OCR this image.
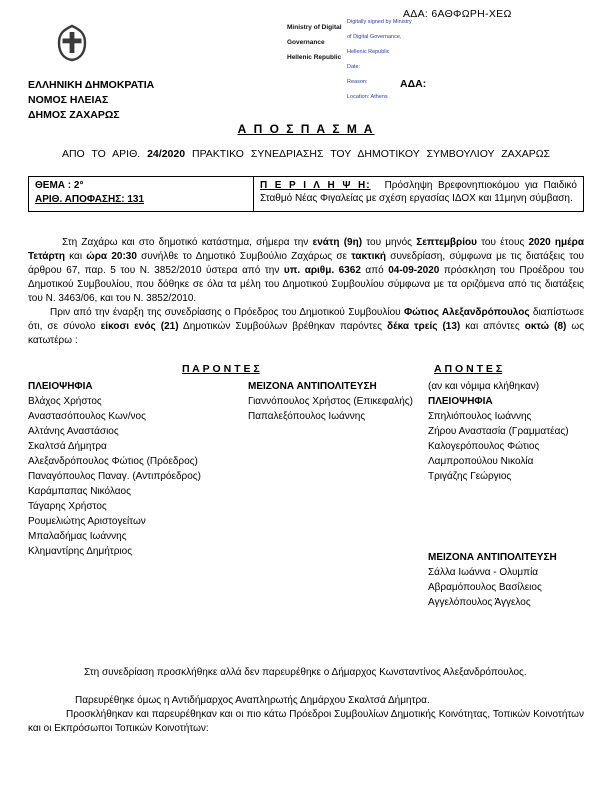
ΑΔΑ: 6ΑΘΦΩΡΗ-ΧΕΩ
Ministry of Digital
Governance
Hellenic Republic
Digitally signed by Ministry
of Digital Governance,
Hellenic Republic
Date:
Reason:
Location: Athens
ΕΛΛΗΝΙΚΗ ΔΗΜΟΚΡΑΤΙΑ
ΝΟΜΟΣ ΗΛΕΙΑΣ
ΔΗΜΟΣ ΖΑΧΑΡΩΣ
ΑΔΑ:
Α Π Ο Σ Π Α Σ Μ Α
ΑΠΟ ΤΟ ΑΡΙΘ. 24/2020 ΠΡΑΚΤΙΚΟ ΣΥΝΕΔΡΙΑΣΗΣ ΤΟΥ ΔΗΜΟΤΙΚΟΥ ΣΥΜΒΟΥΛΙΟΥ ΖΑΧΑΡΩΣ
ΘΕΜΑ : 2°
ΑΡΙΘ. ΑΠΟΦΑΣΗΣ: 131
	Π Ε Ρ Ι Λ Η Ψ Η: Πρόσληψη Βρεφονηπιοκόμου για Παιδικό Σταθμό Νέας Φιγαλείας με σχέση εργασίας ΙΔΟΧ και 11μηνη σύμβαση.

Στη Ζαχάρω και στο δημοτικό κατάστημα, σήμερα την ενάτη (9η) του μηνός Σεπτεμβρίου του έτους 2020 ημέρα Τετάρτη και ώρα 20:30 συνήλθε το Δημοτικό Συμβούλιο Ζαχάρως σε τακτική συνεδρίαση, σύμφωνα με τις διατάξεις του άρθρου 67, παρ. 5 του Ν. 3852/2010 ύστερα από την υπ. αριθμ. 6362 από 04-09-2020 πρόσκληση του Προέδρου του Δημοτικού Συμβουλίου, που δόθηκε σε όλα τα μέλη του Δημοτικού Συμβουλίου σύμφωνα με τα οριζόμενα από τις διατάξεις του Ν. 3463/06, και του Ν. 3852/2010.

Πριν από την έναρξη της συνεδρίασης ο Πρόεδρος του Δημοτικού Συμβουλίου Φώτιος Αλεξανδρόπουλος διαπίστωσε ότι, σε σύνολο είκοσι ενός (21) Δημοτικών Συμβούλων βρέθηκαν παρόντες δέκα τρείς (13) και απόντες οκτώ (8) ως κατωτέρω :

Π Α Ρ Ο Ν Τ Ε Σ	Α Π Ο Ν Τ Ε Σ
ΠΛΕΙΟΨΗΦΙΑ
Βλάχος Χρήστος
Αναστασόπουλος Κων/νος
Αλτάνης Αναστάσιος
Σκαλτσά Δήμητρα
Αλεξανδρόπουλος Φώτιος (Πρόεδρος)
Παναγόπουλος Παναγ. (Αντιπρόεδρος)
Καράμπαπας Νικόλαος
Τάγαρης Χρήστος
Ρουμελιώτης Αριστογείτων
Μπαλαδήμας Ιωάννης
Κλημαντίρης Δημήτριος
ΜΕΙΖΟΝΑ ΑΝΤΙΠΟΛΙΤΕΥΣΗ
Γιαννόπουλος Χρήστος (Επικεφαλής)
Παπαλεξόπουλος Ιωάννης
(αν και νόμιμα κλήθηκαν)
ΠΛΕΙΟΨΗΦΙΑ
Σπηλιόπουλος Ιωάννης
Ζήρου Αναστασία (Γραμματέας)
Καλογερόπουλος Φώτιος
Λαμπροπούλου Νικολία
Τριγάζης Γεώργιος
ΜΕΙΖΟΝΑ ΑΝΤΙΠΟΛΙΤΕΥΣΗ
Σάλλα Ιωάννα - Ολυμπία
Αβραμόπουλος Βασίλειος
Αγγελόπουλος Άγγελος

Στη συνεδρίαση προσκλήθηκε αλλά δεν παρευρέθηκε ο Δήμαρχος Κωνσταντίνος Αλεξανδρόπουλος.

Παρευρέθηκε όμως η Αντιδήμαρχος Αναπληρωτής Δημάρχου Σκαλτσά Δήμητρα.

Προσκλήθηκαν και παρευρέθηκαν και οι πιο κάτω Πρόεδροι Συμβουλίων Δημοτικής Κοινότητας, Τοπικών Κοινοτήτων και οι Εκπρόσωποι Τοπικών Κοινοτήτων:
